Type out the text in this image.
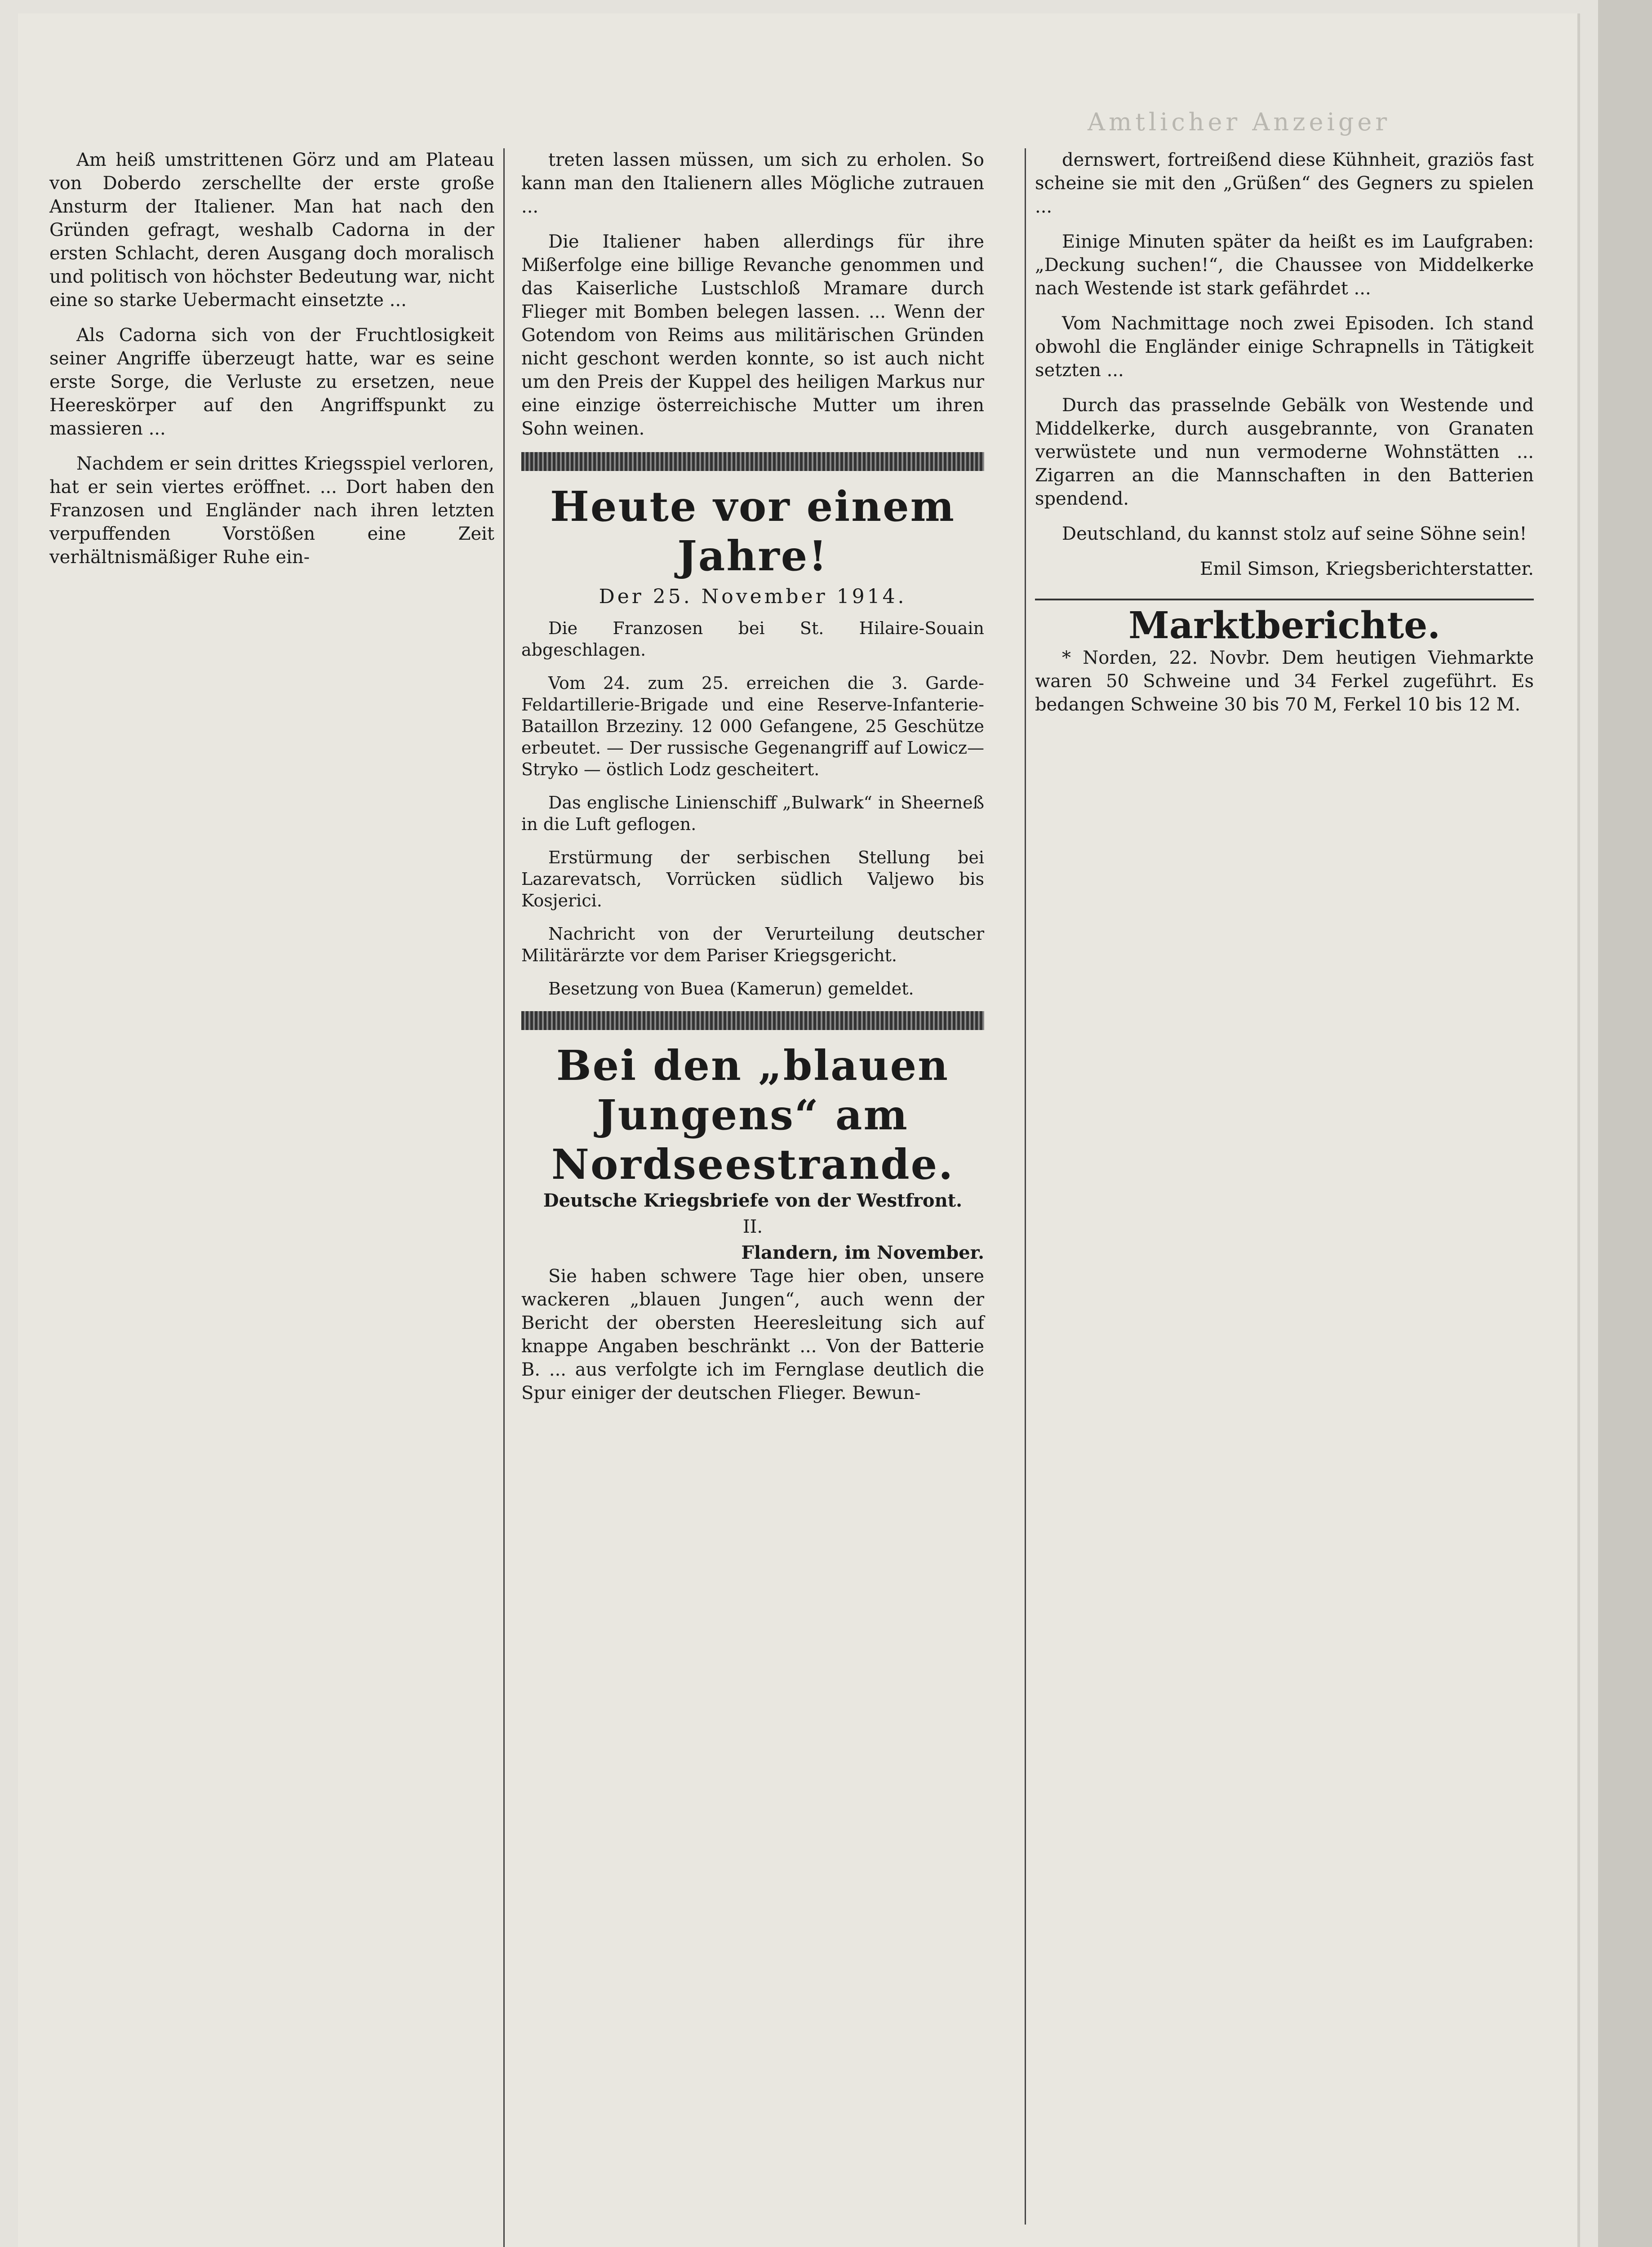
Amtlicher Anzeiger

Am heiß umstrittenen Görz und am Plateau von Doberdo zerschellte der erste große Ansturm der Italiener. Man hat nach den Gründen gefragt, weshalb Cadorna in der ersten Schlacht, deren Ausgang doch moralisch und politisch von höchster Bedeutung war, nicht eine so starke Uebermacht einsetzte ...

Als Cadorna sich von der Fruchtlosigkeit seiner Angriffe überzeugt hatte, war es seine erste Sorge, die Verluste zu ersetzen, neue Heereskörper auf den Angriffspunkt zu massieren ...

Nachdem er sein drittes Kriegsspiel verloren, hat er sein viertes eröffnet. ... Dort haben den Franzosen und Engländer nach ihren letzten verpuffenden Vorstößen eine Zeit verhältnismäßiger Ruhe ein-

treten lassen müssen, um sich zu erholen. So kann man den Italienern alles Mögliche zutrauen ...

Die Italiener haben allerdings für ihre Mißerfolge eine billige Revanche genommen und das Kaiserliche Lustschloß Mramare durch Flieger mit Bomben belegen lassen. ... Wenn der Gotendom von Reims aus militärischen Gründen nicht geschont werden konnte, so ist auch nicht um den Preis der Kuppel des heiligen Markus nur eine einzige österreichische Mutter um ihren Sohn weinen.

Heute vor einem Jahre!
Der 25. November 1914.

Die Franzosen bei St. Hilaire-Souain abgeschlagen.

Vom 24. zum 25. erreichen die 3. Garde-Feldartillerie-Brigade und eine Reserve-Infanterie-Bataillon Brzeziny. 12 000 Gefangene, 25 Geschütze erbeutet. — Der russische Gegenangriff auf Lowicz—Stryko — östlich Lodz gescheitert.

Das englische Linienschiff „Bulwark“ in Sheerneß in die Luft geflogen.

Erstürmung der serbischen Stellung bei Lazarevatsch, Vorrücken südlich Valjewo bis Kosjerici.

Nachricht von der Verurteilung deutscher Militärärzte vor dem Pariser Kriegsgericht.

Besetzung von Buea (Kamerun) gemeldet.

Bei den „blauen Jungens“ am Nordseestrande.
Deutsche Kriegsbriefe von der Westfront.
II.
Flandern, im November.

Sie haben schwere Tage hier oben, unsere wackeren „blauen Jungen“, auch wenn der Bericht der obersten Heeresleitung sich auf knappe Angaben beschränkt ... Von der Batterie B. ... aus verfolgte ich im Fernglase deutlich die Spur einiger der deutschen Flieger. Bewun-

dernswert, fortreißend diese Kühnheit, graziös fast scheine sie mit den „Grüßen“ des Gegners zu spielen ...

Einige Minuten später da heißt es im Laufgraben: „Deckung suchen!“, die Chaussee von Middelkerke nach Westende ist stark gefährdet ...

Vom Nachmittage noch zwei Episoden. Ich stand obwohl die Engländer einige Schrapnells in Tätigkeit setzten ...

Durch das prasselnde Gebälk von Westende und Middelkerke, durch ausgebrannte, von Granaten verwüstete und nun vermoderne Wohnstätten ... Zigarren an die Mannschaften in den Batterien spendend.

Deutschland, du kannst stolz auf seine Söhne sein!

Emil Simson, Kriegsberichterstatter.
Marktberichte.

* Norden, 22. Novbr. Dem heutigen Viehmarkte waren 50 Schweine und 34 Ferkel zugeführt. Es bedangen Schweine 30 bis 70 M, Ferkel 10 bis 12 M.
